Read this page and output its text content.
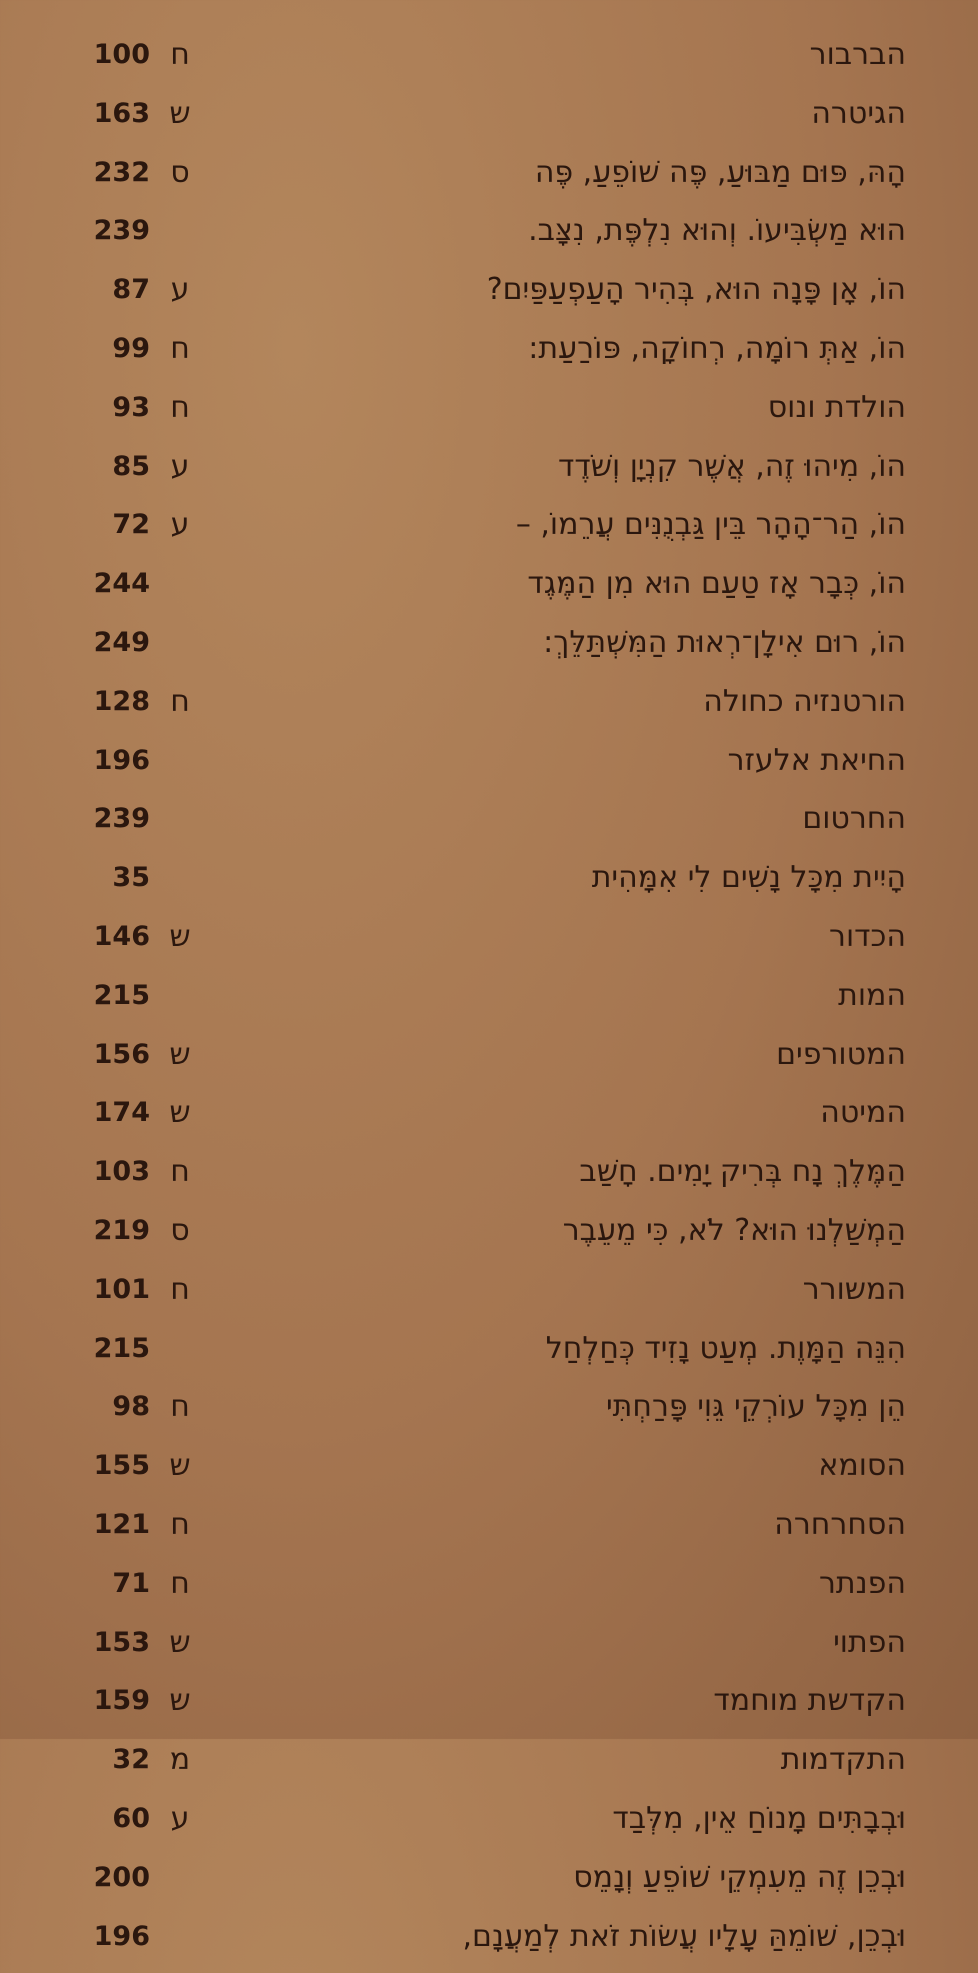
100 ח	הברבור
163 ש	הגיטרה
232 ס	הָהּ, פּוּם מַבּוּעַ, פֶּה שׁוֹפֵעַ, פֶּה
239	הוּא מַשְׂבִּיעוֹ. וְהוּא נִלְפֶּת, נִצָּב.
87 ע	הוֹ, אָן פָּנָה הוּא, בְּהִיר הָעַפְעַפַּיִם?
99 ח	הוֹ, אַתְּ רוֹמָה, רְחוֹקָה, פּוֹרַעַת:
93 ח	הולדת ונוס
85 ע	הוֹ, מִיהוּ זֶה, אֲשֶׁר קִנְיָן וְשֹׁדֶד
72 ע	הוֹ, הַר־הָהָר בֵּין גַּבְנֻנִּים עֲרֵמוֹ, –
244	הוֹ, כְּבָר אָז טַעַם הוּא מִן הַמֶּגֶד
249	הוֹ, רוּם אִילָן־רְאוּת הַמִּשְׁתַּלֵּךְ:
128 ח	הורטנזיה כחולה
196	החיאת אלעזר
239	החרטום
35	הָיִית מִכָּל נָשִׁים לִי אִמָּהִית
146 ש	הכדור
215	המות
156 ש	המטורפים
174 ש	המיטה
103 ח	הַמֶּלֶךְ נָח בְּרִיק יָמִים. חָשַׁב
219 ס	הַמְשַׁלְנוּ הוּא? לֹא, כִּי מֵעֵבֶר
101 ח	המשורר
215	הִנֵּה הַמָּוֶת. מְעַט נָזִיד כְּחַלְחַל
98 ח	הֵן מִכָּל עוֹרְקֵי גֵּוִי פָּרַחְתִּי
155 ש	הסומא
121 ח	הסחרחרה
71 ח	הפנתר
153 ש	הפתוי
159 ש	הקדשת מוחמד
32 מ	התקדמות
60 ע	וּבְבָתִּים מָנוֹחַ אֵין, מִלְּבַד
200	וּבְכֵן זֶה מֵעִמְקֵי שׁוֹפֵעַ וְנָמֵס
196	וּבְכֵן, שׁוֹמֵהַּ עָלָיו עֲשׂוֹת זֹאת לְמַעֲנָם,
